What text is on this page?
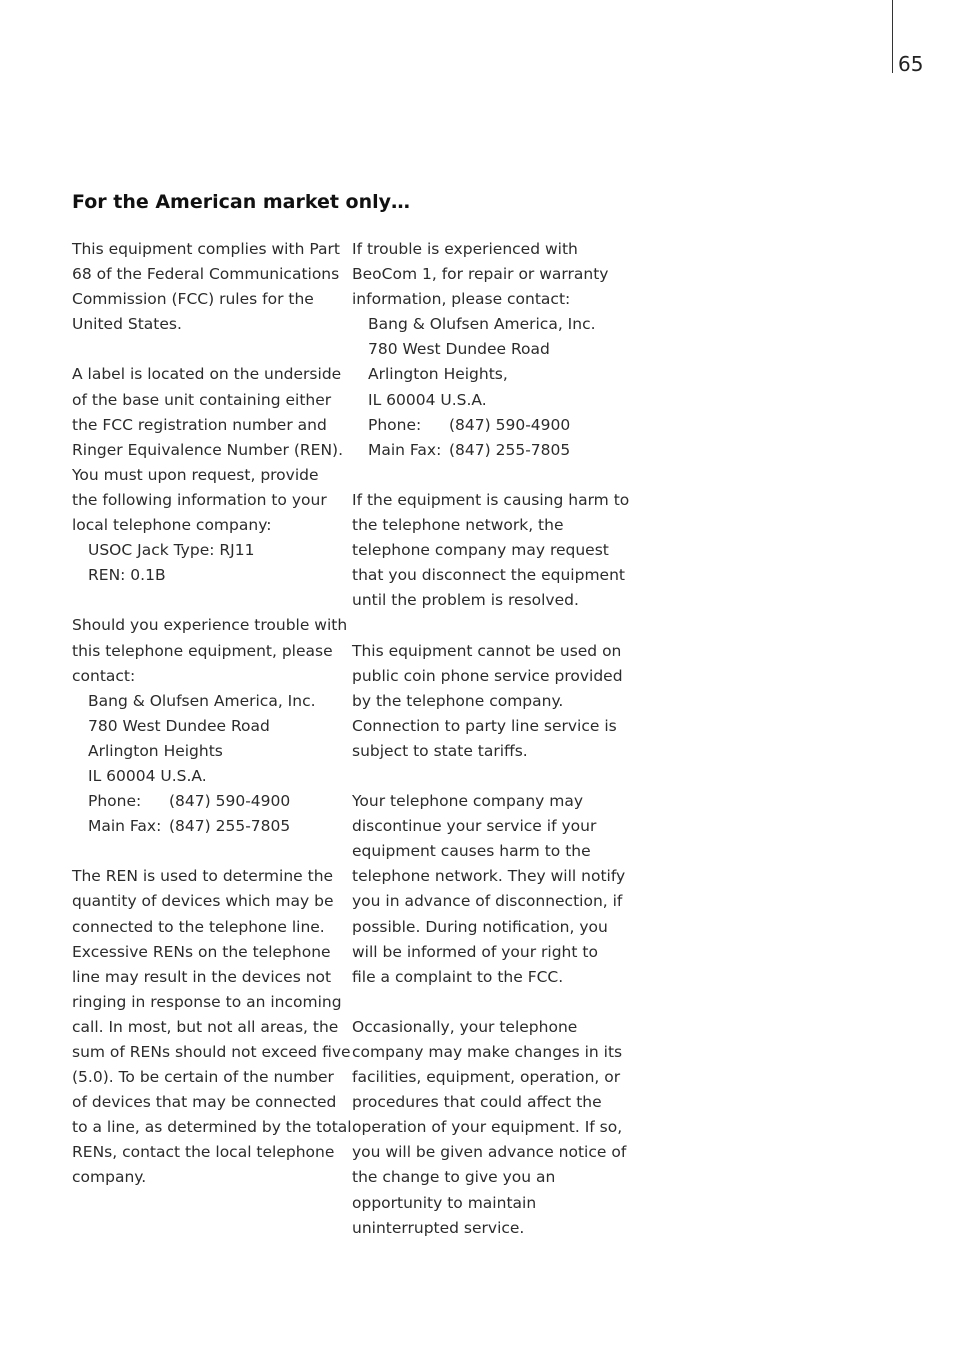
65
For the American market only…

This equipment complies with Part
68 of the Federal Communications
Commission (FCC) rules for the
United States.

A label is located on the underside
of the base unit containing either
the FCC registration number and
Ringer Equivalence Number (REN).
You must upon request, provide
the following information to your
local telephone company:
USOC Jack Type: RJ11
REN: 0.1B

Should you experience trouble with
this telephone equipment, please
contact:
Bang & Olufsen America, Inc.
780 West Dundee Road
Arlington Heights
IL 60004 U.S.A.
Phone: (847) 590-4900
Main Fax: (847) 255-7805

The REN is used to determine the
quantity of devices which may be
connected to the telephone line.
Excessive RENs on the telephone
line may result in the devices not
ringing in response to an incoming
call. In most, but not all areas, the
sum of RENs should not exceed five
(5.0). To be certain of the number
of devices that may be connected
to a line, as determined by the total
RENs, contact the local telephone
company.

If trouble is experienced with
BeoCom 1, for repair or warranty
information, please contact:
Bang & Olufsen America, Inc.
780 West Dundee Road
Arlington Heights,
IL 60004 U.S.A.
Phone: (847) 590-4900
Main Fax: (847) 255-7805

If the equipment is causing harm to
the telephone network, the
telephone company may request
that you disconnect the equipment
until the problem is resolved.

This equipment cannot be used on
public coin phone service provided
by the telephone company.
Connection to party line service is
subject to state tariffs.

Your telephone company may
discontinue your service if your
equipment causes harm to the
telephone network. They will notify
you in advance of disconnection, if
possible. During notification, you
will be informed of your right to
file a complaint to the FCC.

Occasionally, your telephone
company may make changes in its
facilities, equipment, operation, or
procedures that could affect the
operation of your equipment. If so,
you will be given advance notice of
the change to give you an
opportunity to maintain
uninterrupted service.
